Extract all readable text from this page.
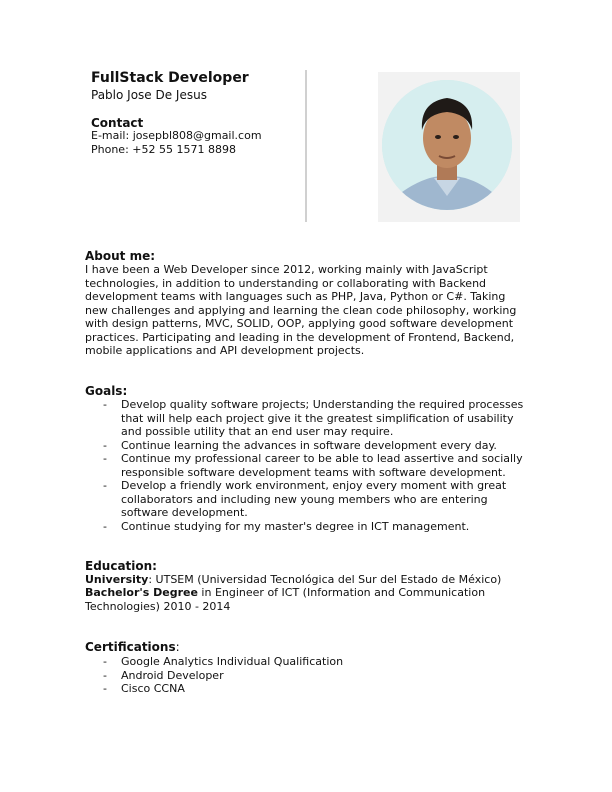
FullStack Developer
Pablo Jose De Jesus
Contact
E-mail: josepbl808@gmail.com
Phone: +52 55 1571 8898
About me:
I have been a Web Developer since 2012, working mainly with JavaScript technologies, in addition to understanding or collaborating with Backend development teams with languages such as PHP, Java, Python or C#. Taking new challenges and applying and learning the clean code philosophy, working with design patterns, MVC, SOLID, OOP, applying good software development practices. Participating and leading in the development of Frontend, Backend, mobile applications and API development projects.
Goals:
- Develop quality software projects; Understanding the required processes that will help each project give it the greatest simplification of usability and possible utility that an end user may require.
- Continue learning the advances in software development every day.
- Continue my professional career to be able to lead assertive and socially responsible software development teams with software development.
- Develop a friendly work environment, enjoy every moment with great collaborators and including new young members who are entering software development.
- Continue studying for my master's degree in ICT management.
Education:
University: UTSEM (Universidad Tecnológica del Sur del Estado de México)
Bachelor's Degree in Engineer of ICT (Information and Communication Technologies) 2010 - 2014
Certifications:
- Google Analytics Individual Qualification
- Android Developer
- Cisco CCNA
